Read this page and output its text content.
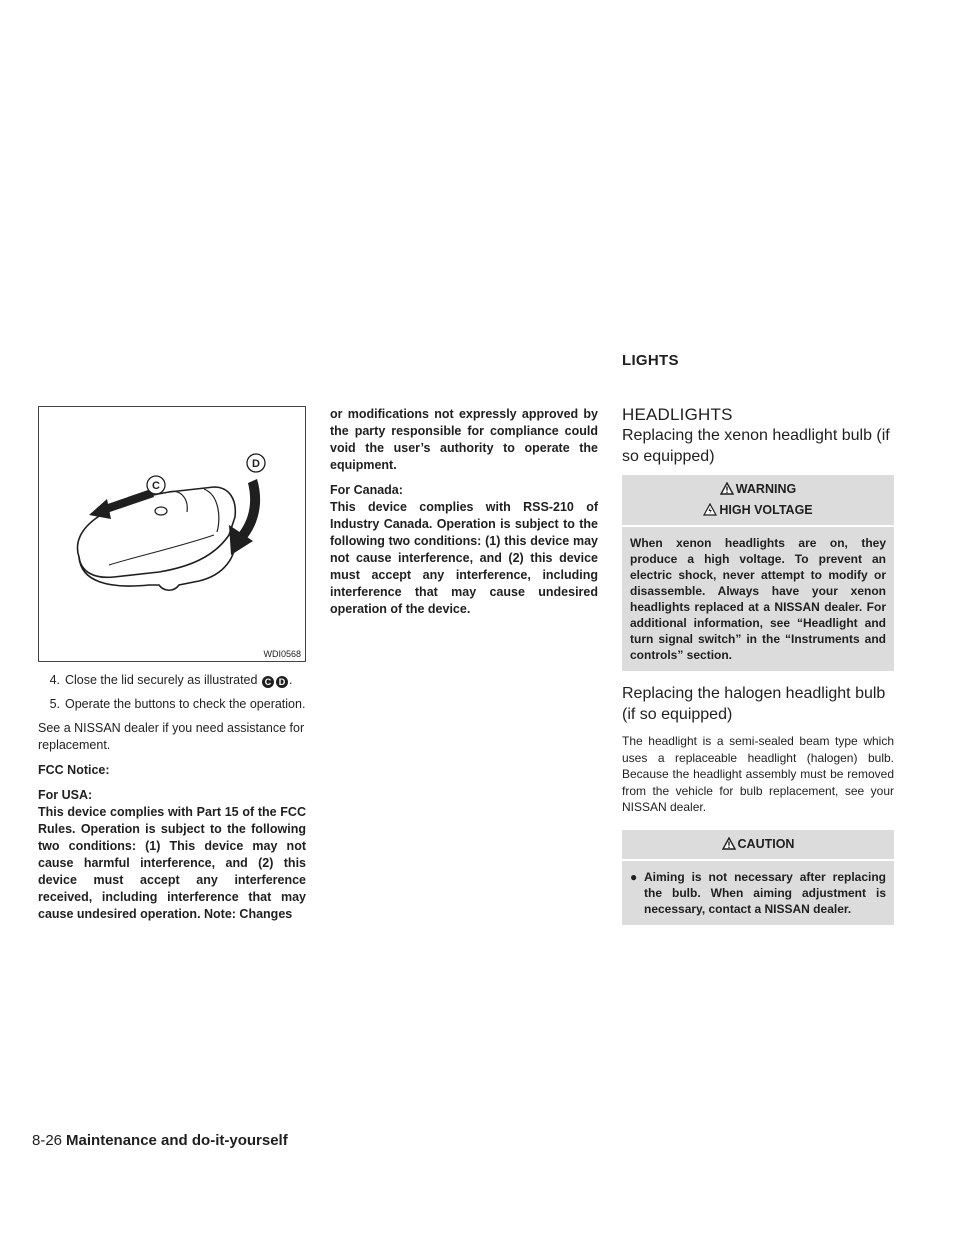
LIGHTS
C
D
WDI0568
4. Close the lid securely as illustrated C D .
5. Operate the buttons to check the operation.

See a NISSAN dealer if you need assistance for replacement.

FCC Notice:

For USA:

This device complies with Part 15 of the FCC Rules. Operation is subject to the following two conditions: (1) This device may not cause harmful interference, and (2) this device must accept any interference received, including interference that may cause undesired operation. Note: Changes

or modifications not expressly approved by the party responsible for compliance could void the user’s authority to operate the equipment.

For Canada:

This device complies with RSS-210 of Industry Canada. Operation is subject to the following two conditions: (1) this device may not cause interference, and (2) this device must accept any interference, including interference that may cause undesired operation of the device.

HEADLIGHTS
Replacing the xenon headlight bulb (if so equipped)
WARNING
HIGH VOLTAGE
When xenon headlights are on, they produce a high voltage. To prevent an electric shock, never attempt to modify or disassemble. Always have your xenon headlights replaced at a NISSAN dealer. For additional information, see “Headlight and turn signal switch” in the “Instruments and controls” section.
Replacing the halogen headlight bulb (if so equipped)

The headlight is a semi-sealed beam type which uses a replaceable headlight (halogen) bulb. Because the headlight assembly must be removed from the vehicle for bulb replacement, see your NISSAN dealer.

CAUTION
● Aiming is not necessary after replacing the bulb. When aiming adjustment is necessary, contact a NISSAN dealer.
8-26 Maintenance and do-it-yourself
